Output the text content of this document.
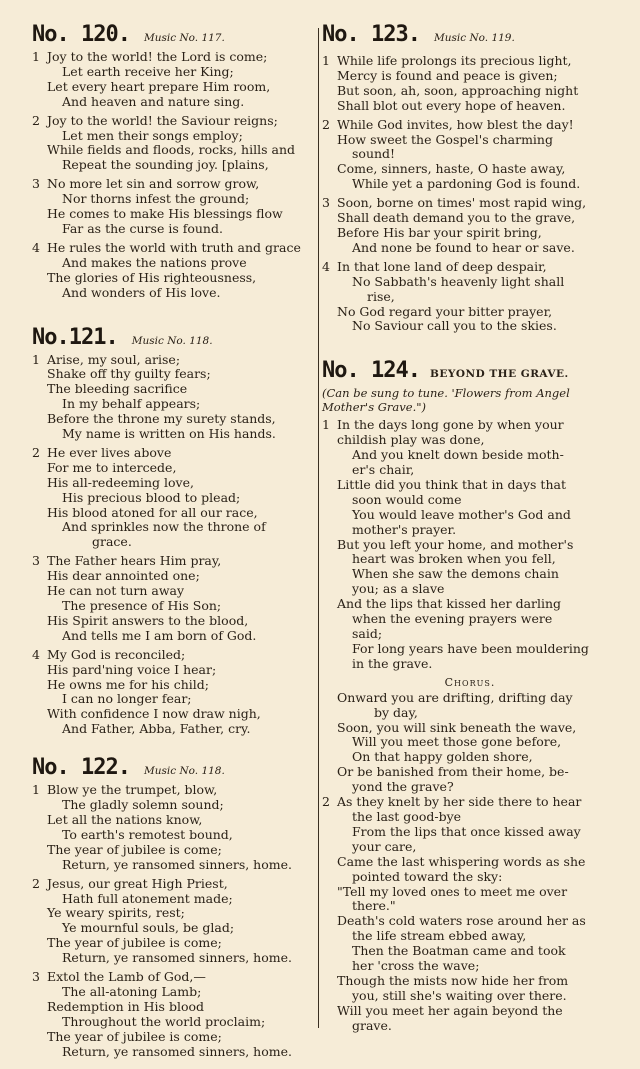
No. 120. Music No. 117.
1 Joy to the world! the Lord is come;
Let earth receive her King;
Let every heart prepare Him room,
And heaven and nature sing.
2 Joy to the world! the Saviour reigns;
Let men their songs employ;
While fields and floods, rocks, hills and
Repeat the sounding joy. [plains,
3 No more let sin and sorrow grow,
Nor thorns infest the ground;
He comes to make His blessings flow
Far as the curse is found.
4 He rules the world with truth and grace
And makes the nations prove
The glories of His righteousness,
And wonders of His love.
No.121. Music No. 118.
1 Arise, my soul, arise;
Shake off thy guilty fears;
The bleeding sacrifice
In my behalf appears;
Before the throne my surety stands,
My name is written on His hands.
2 He ever lives above
For me to intercede,
His all-redeeming love,
His precious blood to plead;
His blood atoned for all our race,
And sprinkles now the throne of
grace.
3 The Father hears Him pray,
His dear annointed one;
He can not turn away
The presence of His Son;
His Spirit answers to the blood,
And tells me I am born of God.
4 My God is reconciled;
His pard'ning voice I hear;
He owns me for his child;
I can no longer fear;
With confidence I now draw nigh,
And Father, Abba, Father, cry.
No. 122. Music No. 118.
1 Blow ye the trumpet, blow,
The gladly solemn sound;
Let all the nations know,
To earth's remotest bound,
The year of jubilee is come;
Return, ye ransomed sinners, home.
2 Jesus, our great High Priest,
Hath full atonement made;
Ye weary spirits, rest;
Ye mournful souls, be glad;
The year of jubilee is come;
Return, ye ransomed sinners, home.
3 Extol the Lamb of God,—
The all-atoning Lamb;
Redemption in His blood
Throughout the world proclaim;
The year of jubilee is come;
Return, ye ransomed sinners, home.
No. 123. Music No. 119.
1 While life prolongs its precious light,
Mercy is found and peace is given;
But soon, ah, soon, approaching night
Shall blot out every hope of heaven.
2 While God invites, how blest the day!
How sweet the Gospel's charming
sound!
Come, sinners, haste, O haste away,
While yet a pardoning God is found.
3 Soon, borne on times' most rapid wing,
Shall death demand you to the grave,
Before His bar your spirit bring,
And none be found to hear or save.
4 In that lone land of deep despair,
No Sabbath's heavenly light shall
rise,
No God regard your bitter prayer,
No Saviour call you to the skies.
No. 124. BEYOND THE GRAVE.
(Can be sung to tune. 'Flowers from Angel Mother's Grave.")
1 In the days long gone by when your
childish play was done,
And you knelt down beside moth-
er's chair,
Little did you think that in days that
soon would come
You would leave mother's God and
mother's prayer.
But you left your home, and mother's
heart was broken when you fell,
When she saw the demons chain
you; as a slave
And the lips that kissed her darling
when the evening prayers were
said;
For long years have been mouldering
in the grave.
Chorus.
Onward you are drifting, drifting day
by day,
Soon, you will sink beneath the wave,
Will you meet those gone before,
On that happy golden shore,
Or be banished from their home, be-
yond the grave?
2 As they knelt by her side there to hear
the last good-bye
From the lips that once kissed away
your care,
Came the last whispering words as she
pointed toward the sky:
"Tell my loved ones to meet me over
there."
Death's cold waters rose around her as
the life stream ebbed away,
Then the Boatman came and took
her 'cross the wave;
Though the mists now hide her from
you, still she's waiting over there.
Will you meet her again beyond the
grave.
